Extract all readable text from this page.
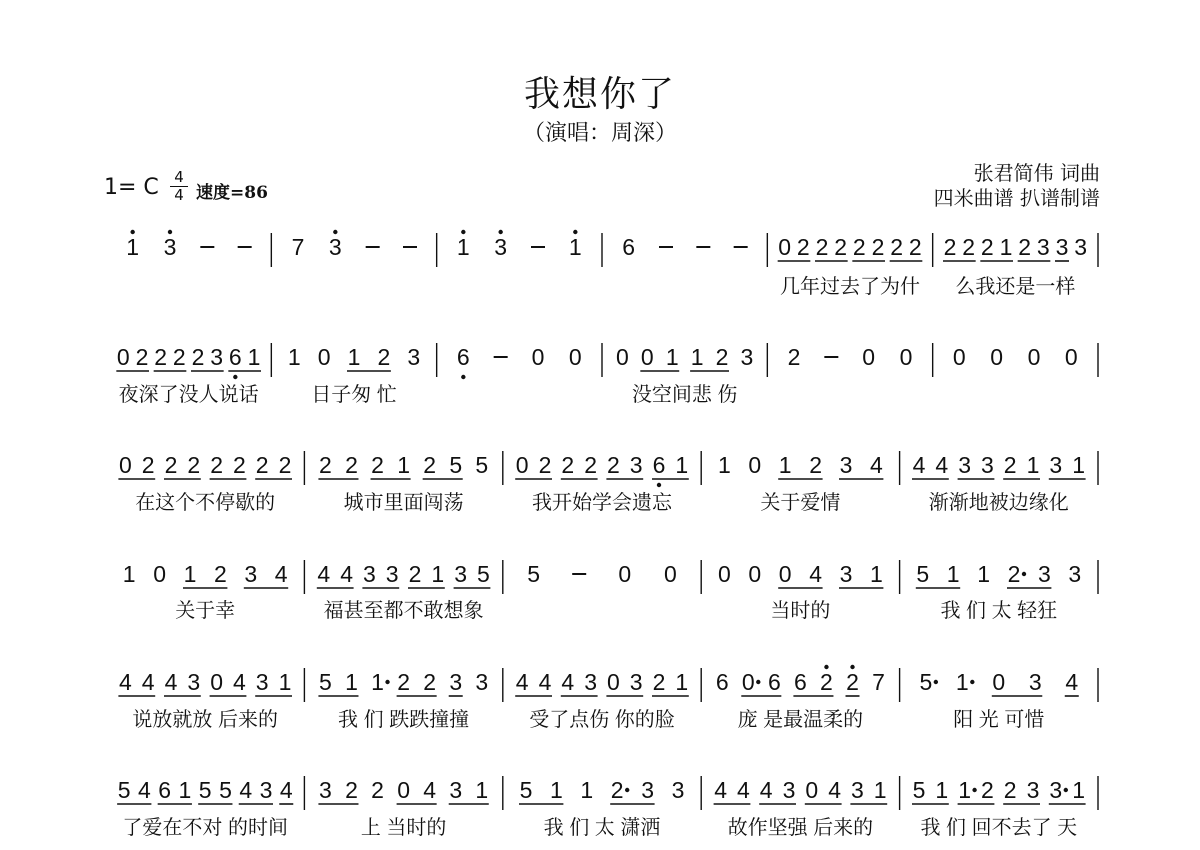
我想你了
（演唱：周深）
1= C 4
4 速度=86
张君简伟 词曲
四米曲谱 扒谱制谱
1 3	7 3	1 3	1 6	0 2 2 2 2 2 2 2
几年过去了为什
2 2 2 1 2 3 3 3
么我还是一样
0 2 2 2 2 3 6 1
夜深了没人说话
1 0 1 2 3
日子匆 忙
6	0 0 0 0 1 1 2 3
没空间悲 伤
2	0 0 0 0 0 0
0 2 2 2 2 2 2 2
在这个不停歇的
2 2 2 1 2 5 5
城市里面闯荡
0 2 2 2 2 3 6 1
我开始学会遗忘
1 0 1 2 3 4
关于爱情
4 4 3 3 2 1 3 1
渐渐地被边缘化
1 0 1 2 3 4
关于幸
4 4 3 3 2 1 3 5
福甚至都不敢想象
5	0 0 0 0 0 4 3 1
当时的
5 1 1 2 3 3
我 们 太 轻狂
4 4 4 3 0 4 3 1
说放就放 后来的
5 1 1 2 2 3 3
我 们 跌跌撞撞
4 4 4 3 0 3 2 1
受了点伤 你的脸
6 0 6 6 2 2 7
庞 是最温柔的
5 1 0 3 4
阳 光 可惜
5 4 6 1 5 5 4 3 4
了爱在不对 的时间
3 2 2 0 4 3 1
上 当时的
5 1 1 2 3 3
我 们 太 潇洒
4 4 4 3 0 4 3 1
故作坚强 后来的
5 1 1 2 2 3 3 1
我 们 回不去了 天
